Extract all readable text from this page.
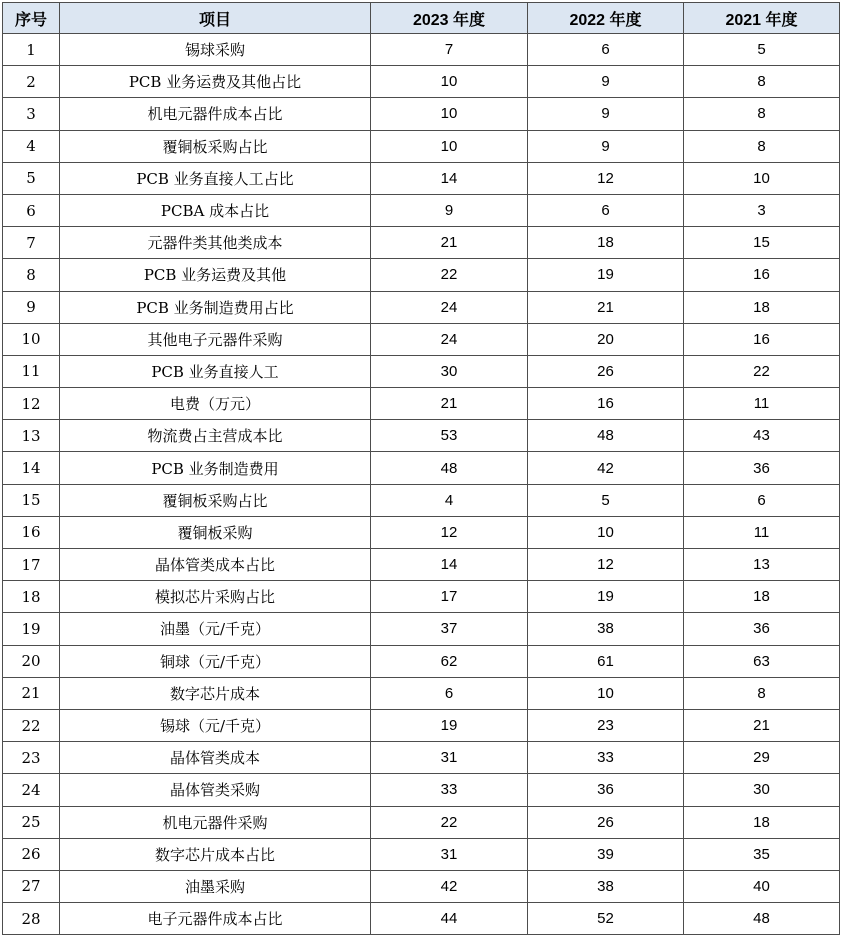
序号	项目	2023 年度	2022 年度	2021 年度
1	锡球采购	7	6	5
2	PCB 业务运费及其他占比	10	9	8
3	机电元器件成本占比	10	9	8
4	覆铜板采购占比	10	9	8
5	PCB 业务直接人工占比	14	12	10
6	PCBA 成本占比	9	6	3
7	元器件类其他类成本	21	18	15
8	PCB 业务运费及其他	22	19	16
9	PCB 业务制造费用占比	24	21	18
10	其他电子元器件采购	24	20	16
11	PCB 业务直接人工	30	26	22
12	电费（万元）	21	16	11
13	物流费占主营成本比	53	48	43
14	PCB 业务制造费用	48	42	36
15	覆铜板采购占比	4	5	6
16	覆铜板采购	12	10	11
17	晶体管类成本占比	14	12	13
18	模拟芯片采购占比	17	19	18
19	油墨（元/千克）	37	38	36
20	铜球（元/千克）	62	61	63
21	数字芯片成本	6	10	8
22	锡球（元/千克）	19	23	21
23	晶体管类成本	31	33	29
24	晶体管类采购	33	36	30
25	机电元器件采购	22	26	18
26	数字芯片成本占比	31	39	35
27	油墨采购	42	38	40
28	电子元器件成本占比	44	52	48
